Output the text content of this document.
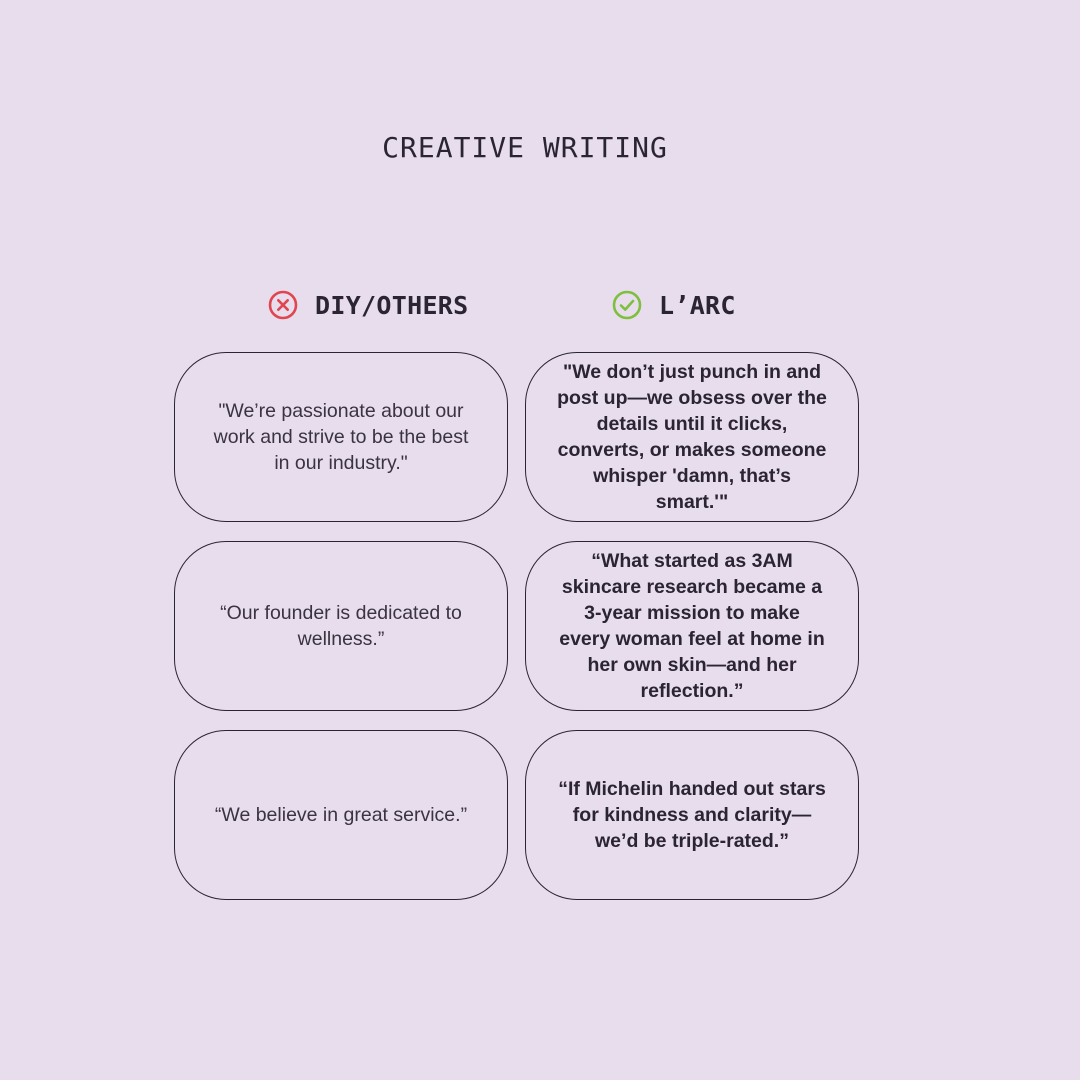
CREATIVE WRITING
DIY/OTHERS	L’ARC
"We’re passionate about our work and strive to be the best in our industry."
"We don’t just punch in and post up—we obsess over the details until it clicks, converts, or makes someone whisper 'damn, that’s smart.'"
“Our founder is dedicated to wellness.”
“What started as 3AM skincare research became a 3-year mission to make every woman feel at home in her own skin—and her reflection.”
“We believe in great service.”
“If Michelin handed out stars for kindness and clarity—we’d be triple-rated.”
